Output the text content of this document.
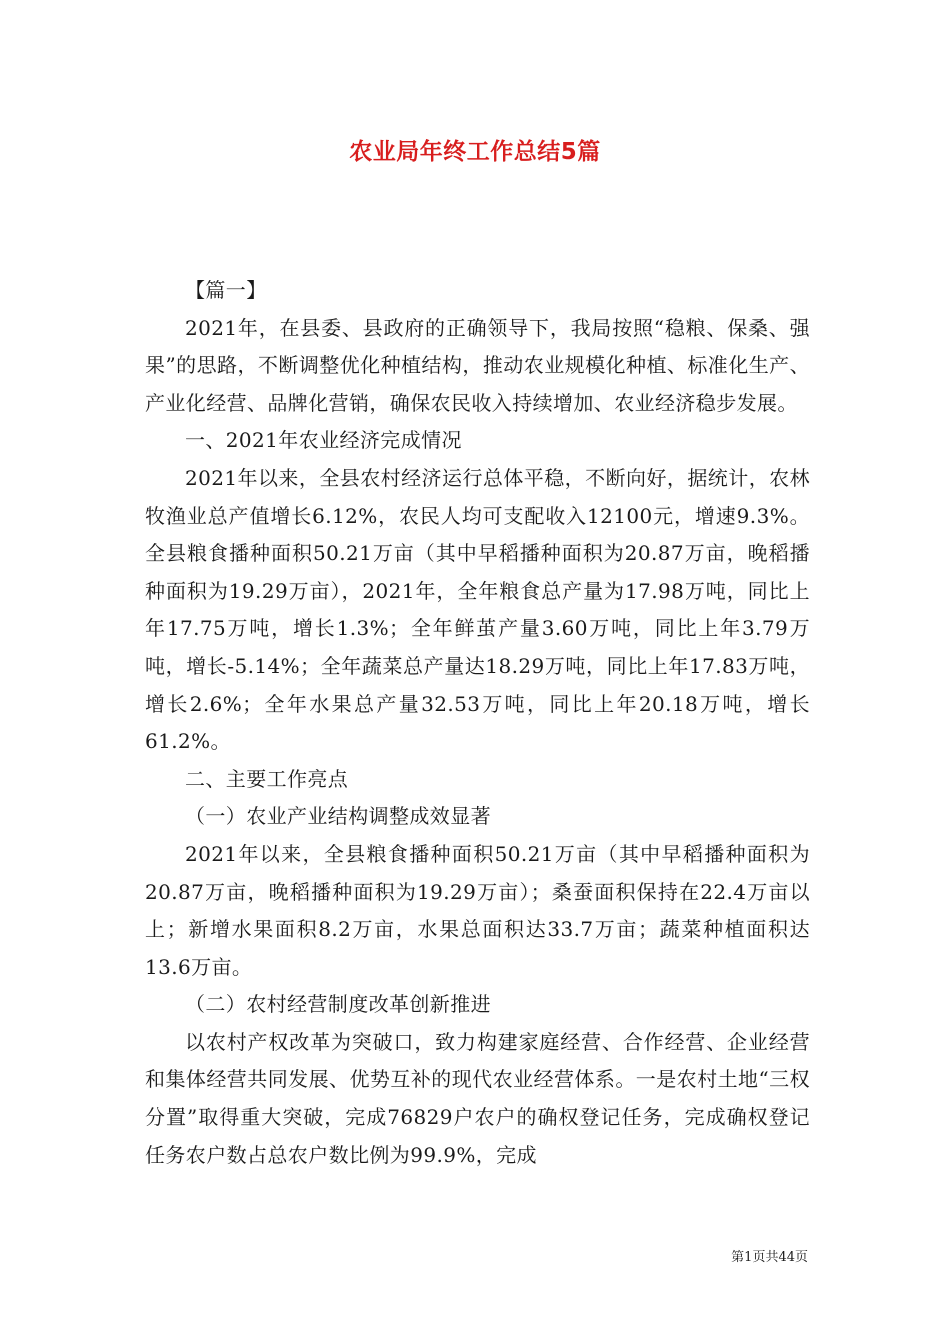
农业局年终工作总结5篇

【篇一】

2021年，在县委、县政府的正确领导下，我局按照“稳粮、保桑、强果”的思路，不断调整优化种植结构，推动农业规模化种植、标准化生产、产业化经营、品牌化营销，确保农民收入持续增加、农业经济稳步发展。

一、2021年农业经济完成情况

2021年以来，全县农村经济运行总体平稳，不断向好，据统计，农林牧渔业总产值增长6.12%，农民人均可支配收入12100元，增速9.3%。全县粮食播种面积50.21万亩（其中早稻播种面积为20.87万亩，晚稻播种面积为19.29万亩），2021年，全年粮食总产量为17.98万吨，同比上年17.75万吨，增长1.3%；全年鲜茧产量3.60万吨，同比上年3.79万吨，增长-5.14%；全年蔬菜总产量达18.29万吨，同比上年17.83万吨，增长2.6%；全年水果总产量32.53万吨，同比上年20.18万吨，增长61.2%。

二、主要工作亮点

（一）农业产业结构调整成效显著

2021年以来，全县粮食播种面积50.21万亩（其中早稻播种面积为20.87万亩，晚稻播种面积为19.29万亩）；桑蚕面积保持在22.4万亩以上；新增水果面积8.2万亩，水果总面积达33.7万亩；蔬菜种植面积达13.6万亩。

（二）农村经营制度改革创新推进

以农村产权改革为突破口，致力构建家庭经营、合作经营、企业经营和集体经营共同发展、优势互补的现代农业经营体系。一是农村土地“三权分置”取得重大突破，完成76829户农户的确权登记任务，完成确权登记任务农户数占总农户数比例为99.9%，完成

第1页共44页
